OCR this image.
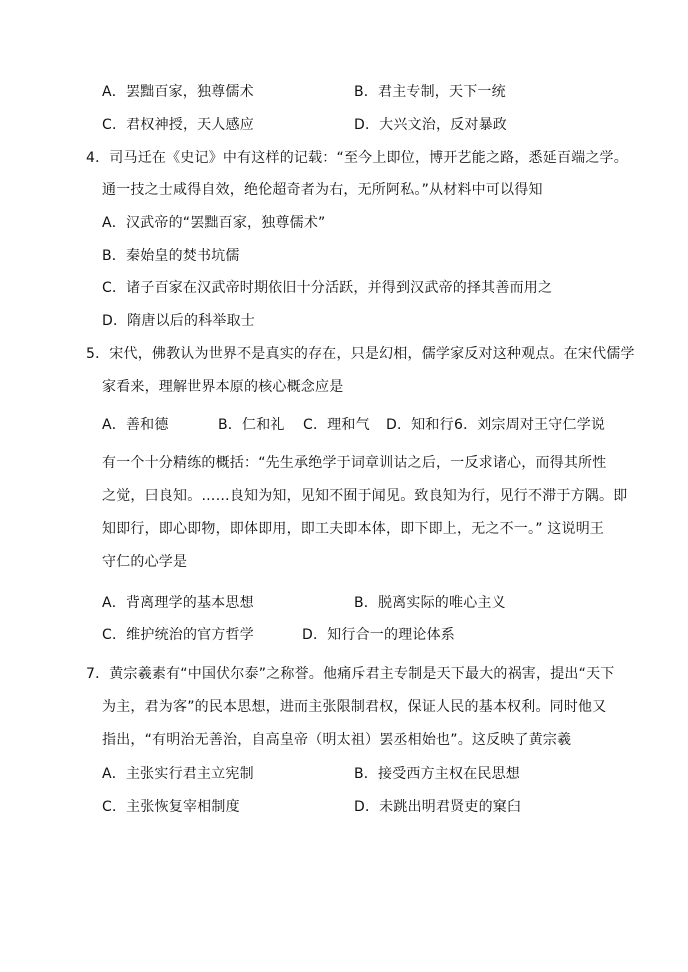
A．罢黜百家，独尊儒术	B．君主专制，天下一统
C．君权神授，天人感应	D．大兴文治，反对暴政
4．司马迁在《史记》中有这样的记载：“至今上即位，博开艺能之路，悉延百端之学。
通一技之士咸得自效，绝伦超奇者为右，无所阿私。”从材料中可以得知
A．汉武帝的“罢黜百家，独尊儒术”
B．秦始皇的焚书坑儒
C．诸子百家在汉武帝时期依旧十分活跃，并得到汉武帝的择其善而用之
D．隋唐以后的科举取士
5．宋代，佛教认为世界不是真实的存在，只是幻相，儒学家反对这种观点。在宋代儒学
家看来，理解世界本原的核心概念应是
A．善和德	B．仁和礼 C．理和气 D．知和行 6．刘宗周对王守仁学说
有一个十分精练的概括：“先生承绝学于词章训诂之后，一反求诸心，而得其所性
之觉，曰良知。……良知为知，见知不囿于闻见。致良知为行，见行不滞于方隅。即
知即行，即心即物，即体即用，即工夫即本体，即下即上，无之不一。” 这说明王
守仁的心学是
A．背离理学的基本思想	B．脱离实际的唯心主义
C．维护统治的官方哲学	D．知行合一的理论体系
7．黄宗羲素有“中国伏尔泰”之称誉。他痛斥君主专制是天下最大的祸害，提出“天下
为主，君为客”的民本思想，进而主张限制君权，保证人民的基本权利。同时他又
指出，“有明治无善治，自高皇帝（明太祖）罢丞相始也”。这反映了黄宗羲
A．主张实行君主立宪制	B．接受西方主权在民思想
C．主张恢复宰相制度	D．未跳出明君贤吏的窠臼
